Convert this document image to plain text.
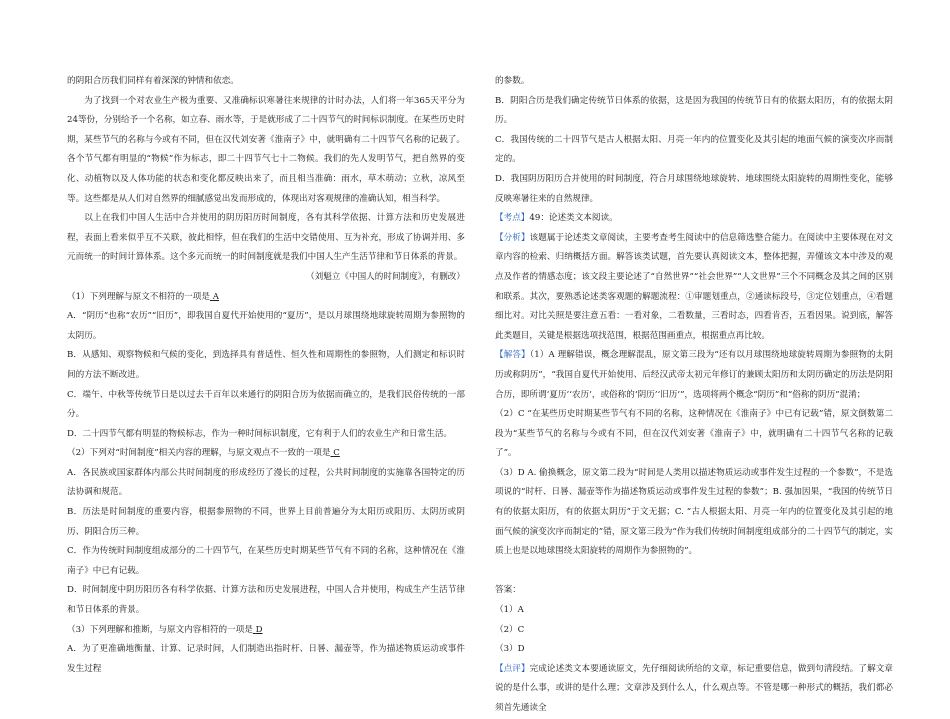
的阴阳合历我们同样有着深深的钟情和依恋。

为了找到一个对农业生产极为重要、又准确标识寒暑往来规律的计时办法，人们将一年365天平分为24等份，分别给予一个名称，如立春、雨水等，于是就形成了二十四节气的时间标识制度。在某些历史时期，某些节气的名称与今或有不同，但在汉代刘安著《淮南子》中，就明确有二十四节气名称的记载了。各个节气都有明显的“物候”作为标志，即二十四节气七十二物候。我们的先人发明节气，把自然界的变化、动植物以及人体功能的状态和变化都反映出来了，而且相当准确：雨水，草木萌动；立秋，凉风至等。这些都是从人们对自然界的细腻感觉出发而形成的，体现出对客观规律的准确认知，相当科学。

以上在我们中国人生活中合并使用的阴历阳历时间制度，各有其科学依据、计算方法和历史发展进程，表面上看来似乎互不关联，彼此相悖，但在我们的生活中交错使用、互为补充，形成了协调并用、多元而统一的时间计算体系。这个多元而统一的时间制度就是我们中国人生产生活节律和节日体系的背景。

（刘魁立《中国人的时间制度》，有删改）

（1）下列理解与原文不相符的一项是 A

A．“阴历”也称“农历”“旧历”，即我国自夏代开始使用的“夏历”，是以月球围绕地球旋转周期为参照物的太阴历。

B．从感知、观察物候和气候的变化，到选择具有普适性、恒久性和周期性的参照物，人们测定和标识时间的方法不断改进。

C．端午、中秋等传统节日是以过去千百年以来通行的阴阳合历为依据而确立的，是我们民俗传统的一部分。

D．二十四节气都有明显的物候标志，作为一种时间标识制度，它有利于人们的农业生产和日常生活。

（2）下列对“时间制度”相关内容的理解，与原文观点不一致的一项是 C

A．各民族或国家群体内部公共时间制度的形成经历了漫长的过程，公共时间制度的实施靠各国特定的历法协调和规范。

B．历法是时间制度的重要内容，根据参照物的不同，世界上目前普遍分为太阳历或阳历、太阴历或阴历、阴阳合历三种。

C．作为传统时间制度组成部分的二十四节气，在某些历史时期某些节气有不同的名称，这种情况在《淮南子》中已有记载。

D．时间制度中阴历阳历各有科学依据、计算方法和历史发展进程，中国人合并使用，构成生产生活节律和节日体系的背景。

（3）下列理解和推断，与原文内容相符的一项是 D

A．为了更准确地衡量、计算、记录时间，人们制造出指时杆、日晷、漏壶等，作为描述物质运动或事件发生过程

的参数。

B．阴阳合历是我们确定传统节日体系的依据，这是因为我国的传统节日有的依据太阳历，有的依据太阴历。

C．我国传统的二十四节气是古人根据太阳、月亮一年内的位置变化及其引起的地面气候的演变次序而制定的。

D．我国阴历阳历合并使用的时间制度，符合月球围绕地球旋转、地球围绕太阳旋转的周期性变化，能够反映寒暑往来的自然规律。

【考点】49：论述类文本阅读。

【分析】该题属于论述类文章阅读，主要考查考生阅读中的信息筛选整合能力。在阅读中主要体现在对文章内容的检索、归纳概括方面。解答该类试题，首先要认真阅读文本，整体把握，弄懂该文本中涉及的观点及作者的情感态度；该文段主要论述了“自然世界”“社会世界”“人文世界”三个不同概念及其之间的区别和联系。其次，要熟悉论述类客观题的解题流程：①审题划重点，②通读标段号，③定位划重点，④看题细比对。对比关照是要注意五看：一看对象，二看数量，三看时态，四看肯否，五看因果。说到底，解答此类题目，关键是根据选项找范围，根据范围画重点，根据重点再比较。

【解答】（1）A 理解错误，概念理解混乱，原文第三段为“还有以月球围绕地球旋转周期为参照物的太阴历或称阴历”，“我国自夏代开始使用、后经汉武帝太初元年修订的兼顾太阳历和太阴历确定的历法是阴阳合历，即所谓‘夏历’‘农历’，或俗称的‘阴历’‘旧历’”，选项将两个概念“阴历”和“俗称的阴历”混淆；

（2）C “在某些历史时期某些节气有不同的名称，这种情况在《淮南子》中已有记载”错，原文倒数第二段为“某些节气的名称与今或有不同，但在汉代刘安著《淮南子》中，就明确有二十四节气名称的记载了”。

（3）D A. 偷换概念，原文第二段为“时间是人类用以描述物质运动或事件发生过程的一个参数”，不是选项说的“时杆、日晷、漏壶等作为描述物质运动或事件发生过程的参数”；B. 强加因果，“我国的传统节日有的依据太阳历，有的依据太阴历”于文无据；C. “古人根据太阳、月亮一年内的位置变化及其引起的地面气候的演变次序而制定的”错，原文第三段为“作为我们传统时间制度组成部分的二十四节气的制定，实质上也是以地球围绕太阳旋转的周期作为参照物的”。

答案：

（1）A

（2）C

（3）D

【点评】完成论述类文本要通读原文，先仔细阅读所给的文章，标记重要信息，做到句清段结。了解文章说的是什么事，或讲的是什么理；文章涉及到什么人，什么观点等。不管是哪一种形式的概括，我们都必须首先通读全
